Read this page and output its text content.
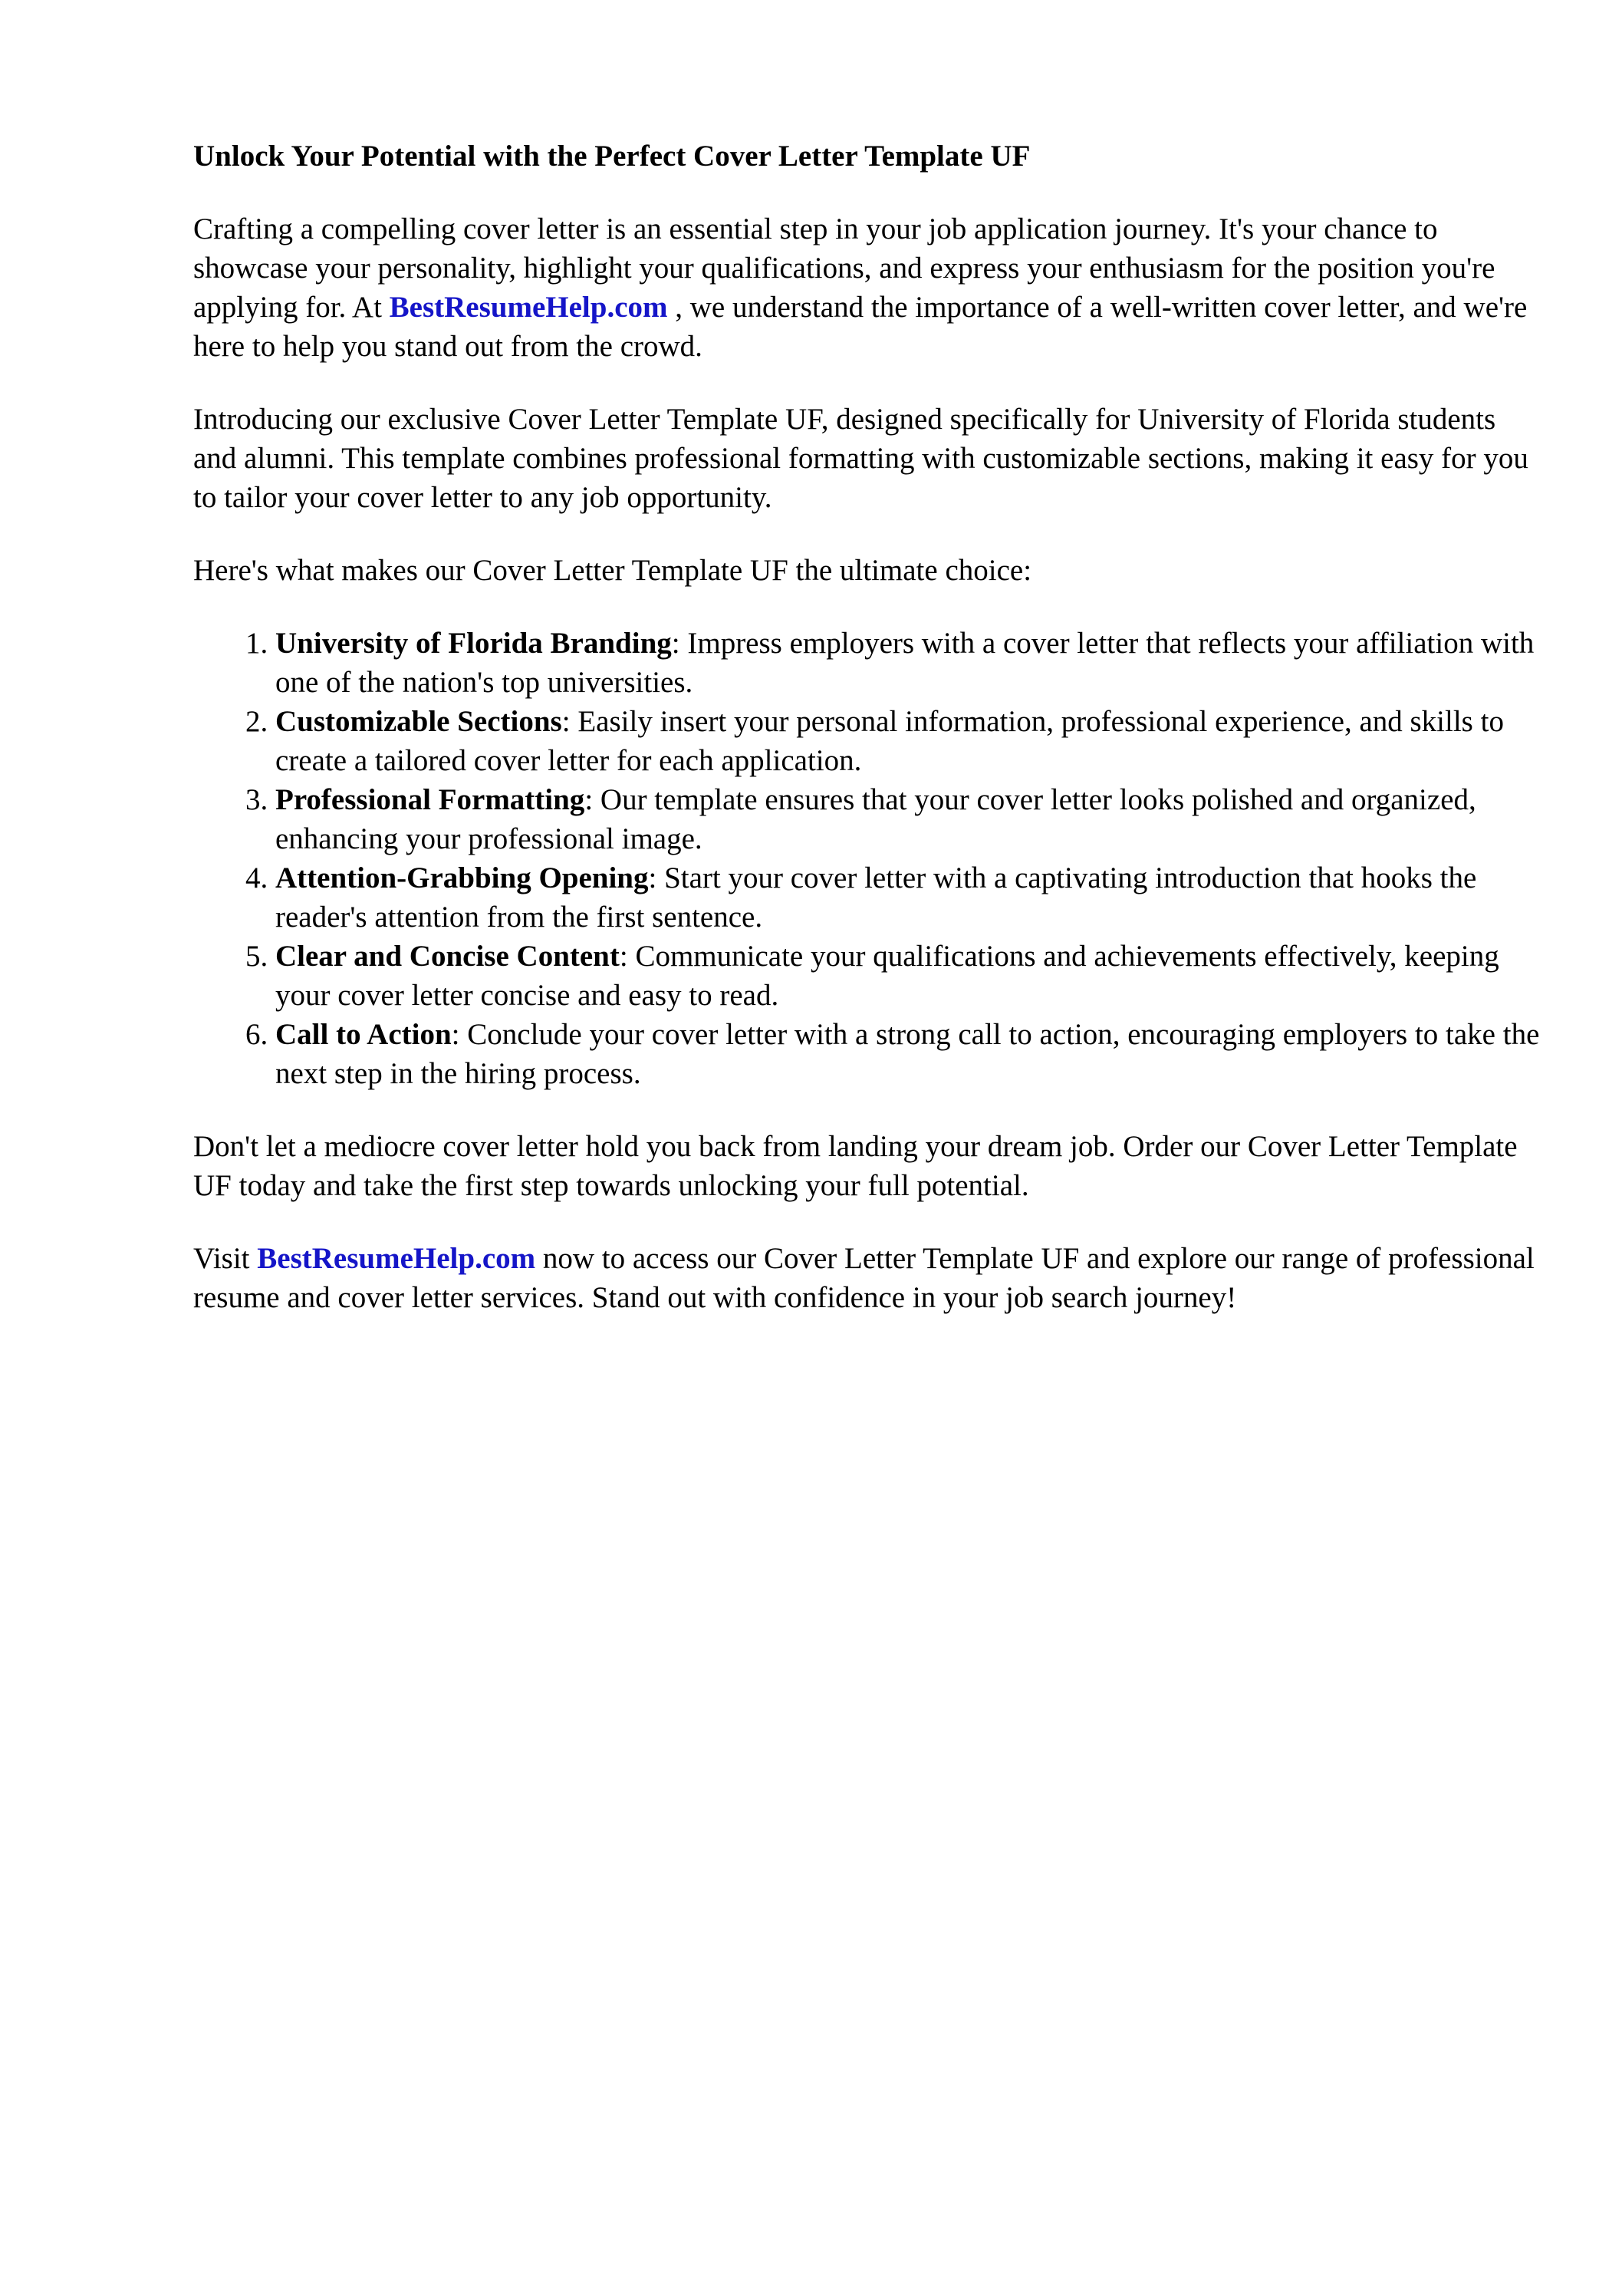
Unlock Your Potential with the Perfect Cover Letter Template UF

Crafting a compelling cover letter is an essential step in your job application journey. It's your chance to showcase your personality, highlight your qualifications, and express your enthusiasm for the position you're applying for. At BestResumeHelp.com , we understand the importance of a well-written cover letter, and we're here to help you stand out from the crowd.

Introducing our exclusive Cover Letter Template UF, designed specifically for University of Florida students and alumni. This template combines professional formatting with customizable sections, making it easy for you to tailor your cover letter to any job opportunity.

Here's what makes our Cover Letter Template UF the ultimate choice:

1. University of Florida Branding: Impress employers with a cover letter that reflects your affiliation with one of the nation's top universities.
2. Customizable Sections: Easily insert your personal information, professional experience, and skills to create a tailored cover letter for each application.
3. Professional Formatting: Our template ensures that your cover letter looks polished and organized, enhancing your professional image.
4. Attention-Grabbing Opening: Start your cover letter with a captivating introduction that hooks the reader's attention from the first sentence.
5. Clear and Concise Content: Communicate your qualifications and achievements effectively, keeping your cover letter concise and easy to read.
6. Call to Action: Conclude your cover letter with a strong call to action, encouraging employers to take the next step in the hiring process.

Don't let a mediocre cover letter hold you back from landing your dream job. Order our Cover Letter Template UF today and take the first step towards unlocking your full potential.

Visit BestResumeHelp.com now to access our Cover Letter Template UF and explore our range of professional resume and cover letter services. Stand out with confidence in your job search journey!
